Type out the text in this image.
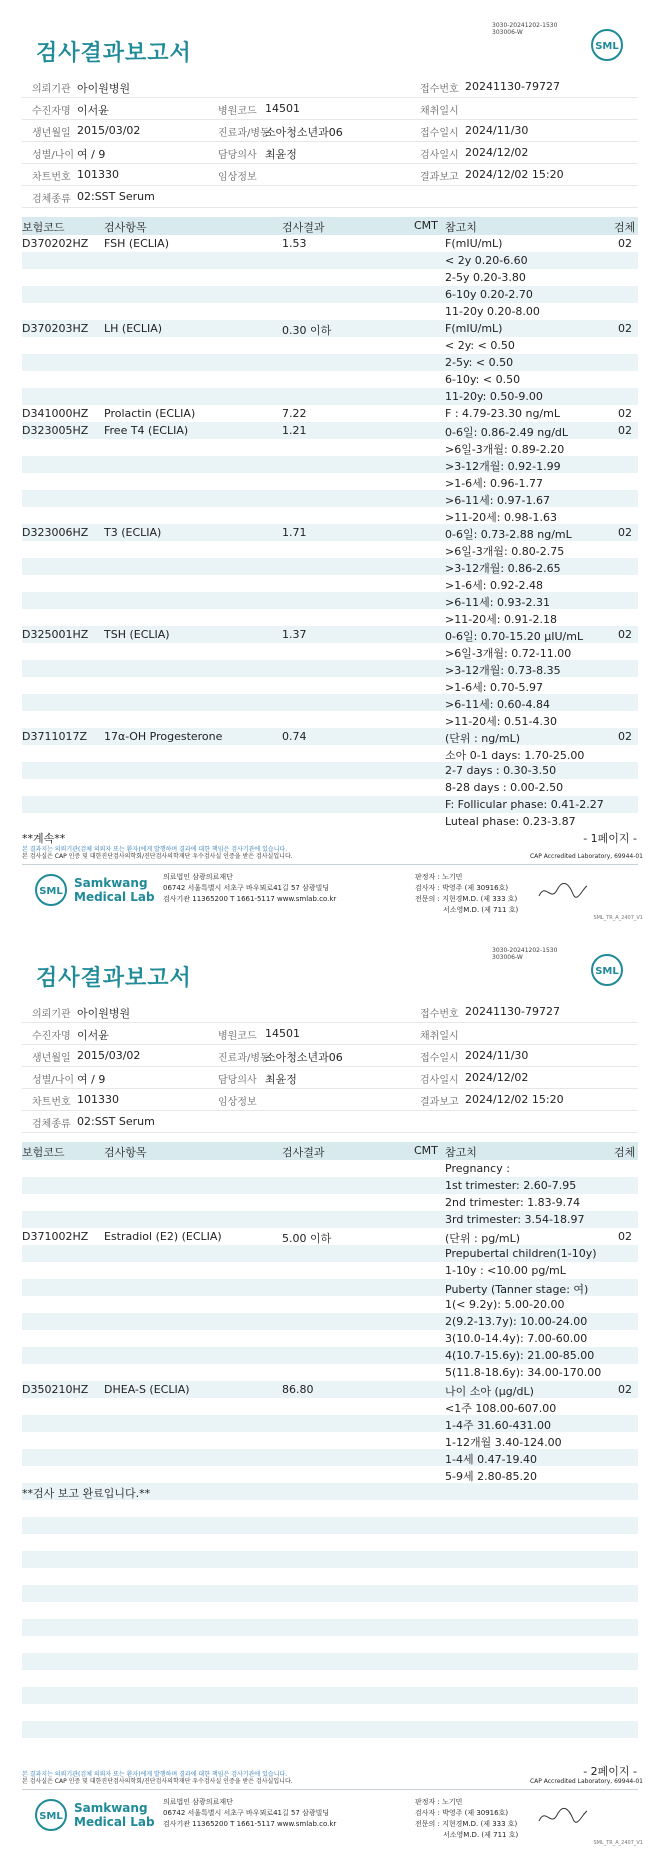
검사결과보고서
3030-20241202-1530
303006-W
SML
의뢰기관 아이원병원	접수번호 20241130-79727
수진자명 이서윤	병원코드 14501	채취일시
생년월일 2015/03/02	진료과/병동
소아청소년과06	접수일시 2024/11/30
성별/나이 여 / 9	담당의사 최윤정	검사일시 2024/12/02
차트번호 101330	임상정보	결과보고 2024/12/02 15:20
검체종류 02:SST Serum
보험코드	검사항목	검사결과	CMT 참고치	검체
D370202HZ FSH (ECLIA)	1.53	F(mIU/mL)	02
< 2y 0.20-6.60
2-5y 0.20-3.80
6-10y 0.20-2.70
11-20y 0.20-8.00
D370203HZ LH (ECLIA)	0.30 이하	F(mIU/mL)	02
< 2y: < 0.50
2-5y: < 0.50
6-10y: < 0.50
11-20y: 0.50-9.00
D341000HZ Prolactin (ECLIA)	7.22	F : 4.79-23.30 ng/mL	02
D323005HZ Free T4 (ECLIA)	1.21	0-6일: 0.86-2.49 ng/dL	02
>6일-3개월: 0.89-2.20
>3-12개월: 0.92-1.99
>1-6세: 0.96-1.77
>6-11세: 0.97-1.67
>11-20세: 0.98-1.63
D323006HZ T3 (ECLIA)	1.71	0-6일: 0.73-2.88 ng/mL	02
>6일-3개월: 0.80-2.75
>3-12개월: 0.86-2.65
>1-6세: 0.92-2.48
>6-11세: 0.93-2.31
>11-20세: 0.91-2.18
D325001HZ TSH (ECLIA)	1.37	0-6일: 0.70-15.20 μIU/mL	02
>6일-3개월: 0.72-11.00
>3-12개월: 0.73-8.35
>1-6세: 0.70-5.97
>6-11세: 0.60-4.84
>11-20세: 0.51-4.30
D3711017Z 17α-OH Progesterone	0.74	(단위 : ng/mL)	02
소아 0-1 days: 1.70-25.00
2-7 days : 0.30-3.50
8-28 days : 0.00-2.50
F: Follicular phase: 0.41-2.27
Luteal phase: 0.23-3.87
**계속**	- 1페이지 -
본 결과지는 의뢰기관(검체 의뢰자 또는 환자)에게 발행하며 결과에 대한 책임은 검사기관에 있습니다.
본 검사실은 CAP 인증 및 대한진단검사의학회/진단검사의학재단 우수검사실 인증을 받은 검사실입니다.	CAP Accredited Laboratory, 69944-01
SML
Samkwang
Medical Lab
의료법인 삼광의료재단
06742 서울특별시 서초구 바우뫼로41길 57 삼광빌딩
검사기관 11365200 T 1661-5117 www.smlab.co.kr
판정자 : 노기민
검사자 : 박영주 (제 30916호)
전문의 : 지현경M.D. (제 333 호)
서소영M.D. (제 711 호)
SML_TR_A_2407_V1
검사결과보고서
3030-20241202-1530
303006-W
SML
의뢰기관 아이원병원	접수번호 20241130-79727
수진자명 이서윤	병원코드 14501	채취일시
생년월일 2015/03/02	진료과/병동
소아청소년과06	접수일시 2024/11/30
성별/나이 여 / 9	담당의사 최윤정	검사일시 2024/12/02
차트번호 101330	임상정보	결과보고 2024/12/02 15:20
검체종류 02:SST Serum
보험코드	검사항목	검사결과	CMT 참고치	검체
Pregnancy :
1st trimester: 2.60-7.95
2nd trimester: 1.83-9.74
3rd trimester: 3.54-18.97
D371002HZ Estradiol (E2) (ECLIA)	5.00 이하	(단위 : pg/mL)	02
Prepubertal children(1-10y)
1-10y : <10.00 pg/mL
Puberty (Tanner stage: 여)
1(< 9.2y): 5.00-20.00
2(9.2-13.7y): 10.00-24.00
3(10.0-14.4y): 7.00-60.00
4(10.7-15.6y): 21.00-85.00
5(11.8-18.6y): 34.00-170.00
D350210HZ DHEA-S (ECLIA)	86.80	나이 소아 (μg/dL)	02
<1주 108.00-607.00
1-4주 31.60-431.00
1-12개월 3.40-124.00
1-4세 0.47-19.40
5-9세 2.80-85.20
**검사 보고 완료입니다.**
- 2페이지 -
본 결과지는 의뢰기관(검체 의뢰자 또는 환자)에게 발행하며 결과에 대한 책임은 검사기관에 있습니다.
본 검사실은 CAP 인증 및 대한진단검사의학회/진단검사의학재단 우수검사실 인증을 받은 검사실입니다.	CAP Accredited Laboratory, 69944-01
SML
Samkwang
Medical Lab
의료법인 삼광의료재단
06742 서울특별시 서초구 바우뫼로41길 57 삼광빌딩
검사기관 11365200 T 1661-5117 www.smlab.co.kr
판정자 : 노기민
검사자 : 박영주 (제 30916호)
전문의 : 지현경M.D. (제 333 호)
서소영M.D. (제 711 호)
SML_TR_A_2407_V1
